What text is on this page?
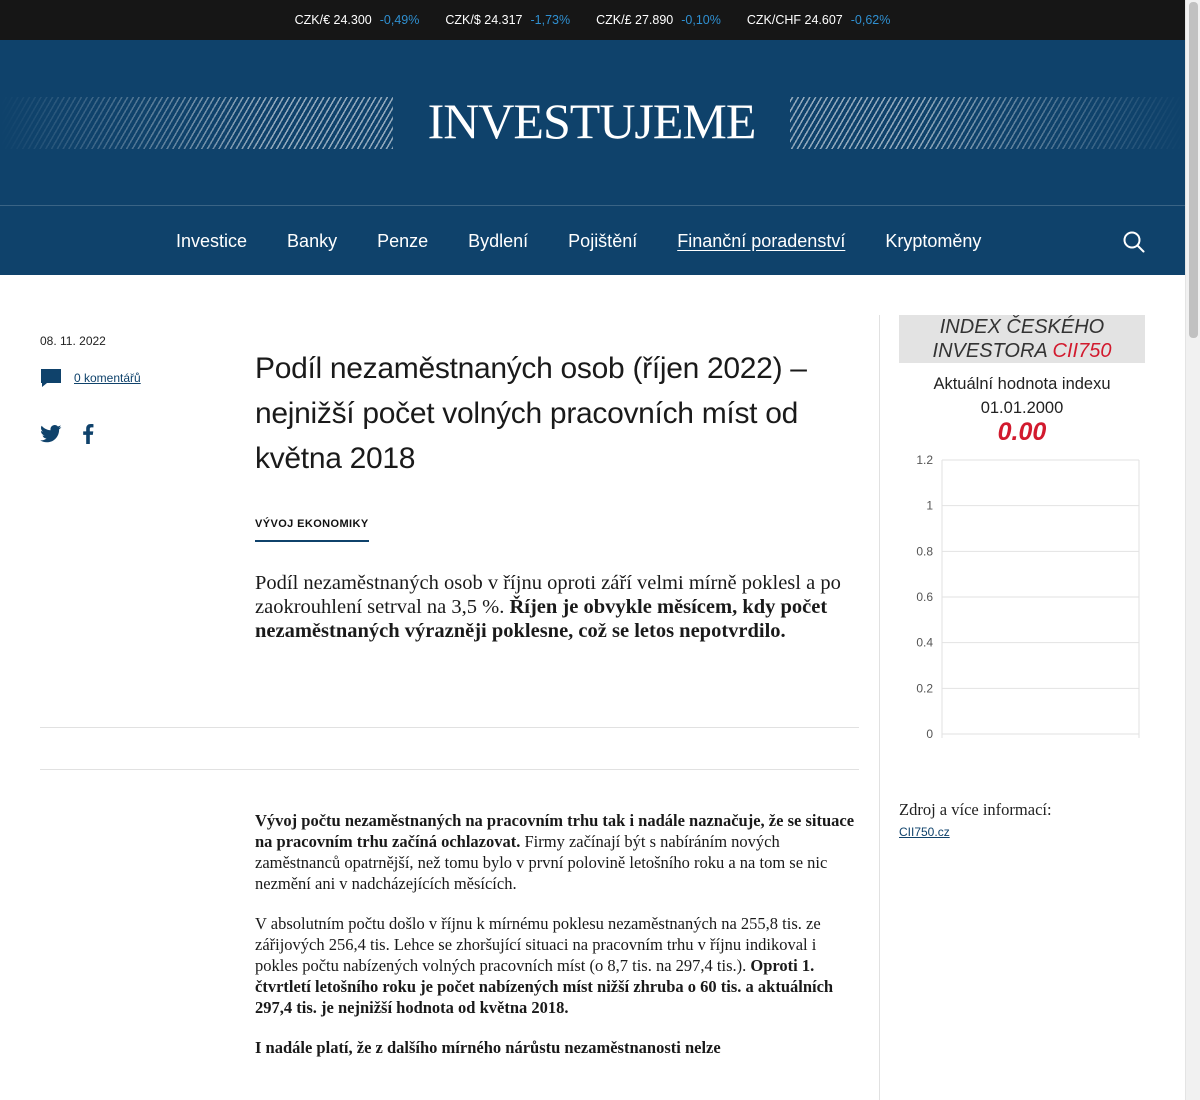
CZK/€ 24.300 -0,49% CZK/$ 24.317 -1,73% CZK/£ 27.890 -0,10% CZK/CHF 24.607 -0,62%
INVESTUJEME
Investice	Banky	Penze	Bydlení	Pojištění	Finanční poradenství	Kryptoměny
08. 11. 2022
0 komentářů	Podíl nezaměstnaných osob (říjen 2022) – nejnižší počet volných pracovních míst od května 2018
VÝVOJ EKONOMIKY
Podíl nezaměstnaných osob v říjnu oproti září velmi mírně poklesl a po zaokrouhlení setrval na 3,5 %. Říjen je obvykle měsícem, kdy počet nezaměstnaných výrazněji poklesne, což se letos nepotvrdilo.

Vývoj počtu nezaměstnaných na pracovním trhu tak i nadále naznačuje, že se situace na pracovním trhu začíná ochlazovat. Firmy začínají být s nabíráním nových zaměstnanců opatrnější, než tomu bylo v první polovině letošního roku a na tom se nic nezmění ani v nadcházejících měsících.

V absolutním počtu došlo v říjnu k mírnému poklesu nezaměstnaných na 255,8 tis. ze zářijových 256,4 tis. Lehce se zhoršující situaci na pracovním trhu v říjnu indikoval i pokles počtu nabízených volných pracovních míst (o 8,7 tis. na 297,4 tis.). Oproti 1. čtvrtletí letošního roku je počet nabízených míst nižší zhruba o 60 tis. a aktuálních 297,4 tis. je nejnižší hodnota od května 2018.

I nadále platí, že z dalšího mírného nárůstu nezaměstnanosti nelze

INDEX ČESKÉHO
INVESTORA CII750
Aktuální hodnota indexu
01.01.2000
0.00
1.2
1
0.8
0.6
0.4
0.2
0
Zdroj a více informací:
CII750.cz
